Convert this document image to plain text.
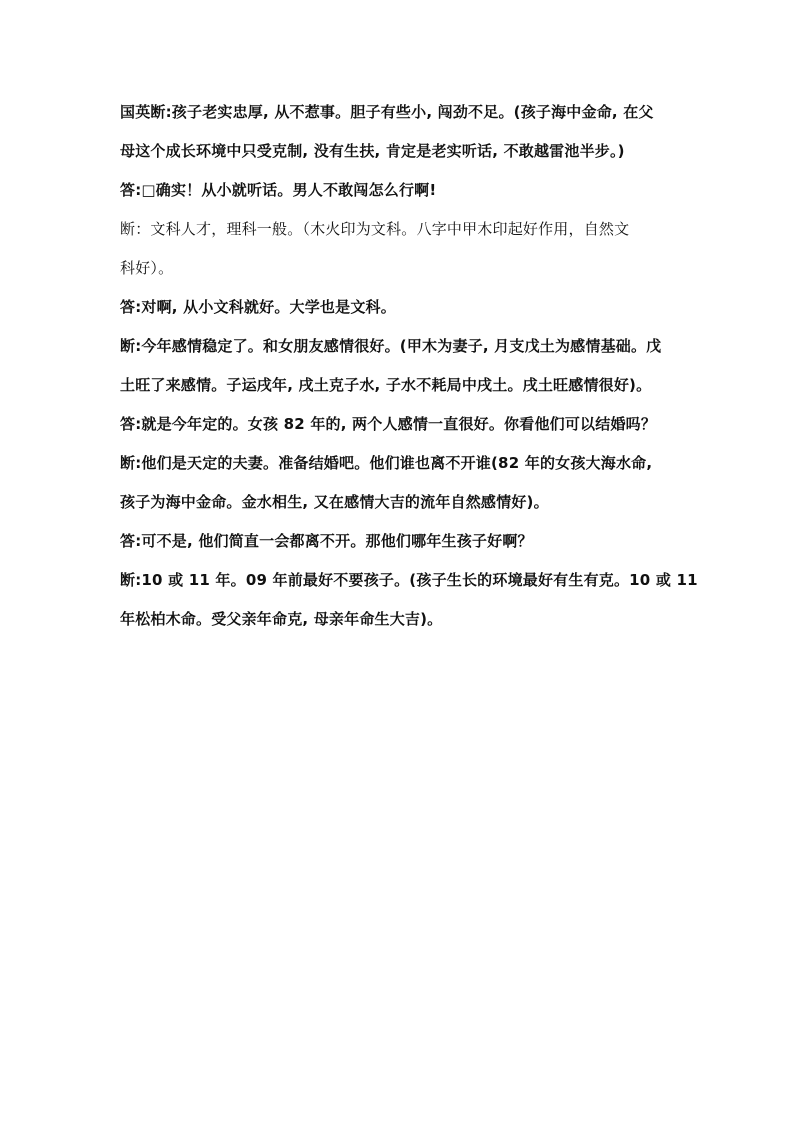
国英断:孩子老实忠厚, 从不惹事。胆子有些小, 闯劲不足。(孩子海中金命, 在父

母这个成长环境中只受克制, 没有生扶, 肯定是老实听话, 不敢越雷池半步。)

答:□确实！从小就听话。男人不敢闯怎么行啊!

断：文科人才，理科一般。（木火印为文科。八字中甲木印起好作用，自然文

科好）。

答:对啊, 从小文科就好。大学也是文科。

断:今年感情稳定了。和女朋友感情很好。(甲木为妻子, 月支戊土为感情基础。戊

土旺了来感情。子运戌年, 戌土克子水, 子水不耗局中戌土。戌土旺感情很好)。

答:就是今年定的。女孩 82 年的, 两个人感情一直很好。你看他们可以结婚吗？

断:他们是天定的夫妻。准备结婚吧。他们谁也离不开谁(82 年的女孩大海水命,

孩子为海中金命。金水相生, 又在感情大吉的流年自然感情好)。

答:可不是, 他们简直一会都离不开。那他们哪年生孩子好啊？

断:10 或 11 年。09 年前最好不要孩子。(孩子生长的环境最好有生有克。10 或 11

年松柏木命。受父亲年命克, 母亲年命生大吉)。
